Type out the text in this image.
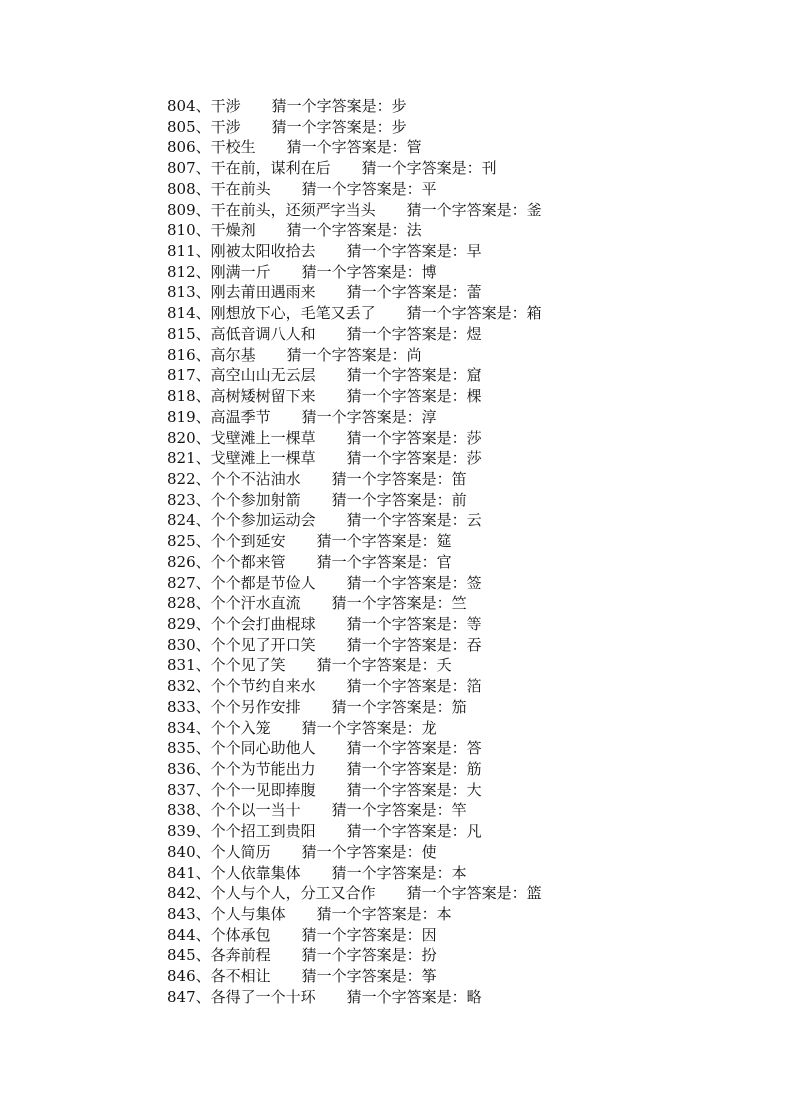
804、干涉 猜一个字答案是：步
805、干涉 猜一个字答案是：步
806、干校生 猜一个字答案是：管
807、干在前，谋利在后 猜一个字答案是：刊
808、干在前头 猜一个字答案是：平
809、干在前头，还须严字当头 猜一个字答案是：釜
810、干燥剂 猜一个字答案是：法
811、刚被太阳收拾去 猜一个字答案是：早
812、刚满一斤 猜一个字答案是：博
813、刚去莆田遇雨来 猜一个字答案是：蕾
814、刚想放下心，毛笔又丢了 猜一个字答案是：箱
815、高低音调八人和 猜一个字答案是：煜
816、高尔基 猜一个字答案是：尚
817、高空山山无云层 猜一个字答案是：窟
818、高树矮树留下来 猜一个字答案是：棵
819、高温季节 猜一个字答案是：淳
820、戈壁滩上一棵草 猜一个字答案是：莎
821、戈壁滩上一棵草 猜一个字答案是：莎
822、个个不沾油水 猜一个字答案是：笛
823、个个参加射箭 猜一个字答案是：前
824、个个参加运动会 猜一个字答案是：云
825、个个到延安 猜一个字答案是：筵
826、个个都来管 猜一个字答案是：官
827、个个都是节俭人 猜一个字答案是：签
828、个个汗水直流 猜一个字答案是：竺
829、个个会打曲棍球 猜一个字答案是：等
830、个个见了开口笑 猜一个字答案是：吞
831、个个见了笑 猜一个字答案是：夭
832、个个节约自来水 猜一个字答案是：箔
833、个个另作安排 猜一个字答案是：笳
834、个个入笼 猜一个字答案是：龙
835、个个同心助他人 猜一个字答案是：答
836、个个为节能出力 猜一个字答案是：筋
837、个个一见即捧腹 猜一个字答案是：大
838、个个以一当十 猜一个字答案是：竿
839、个个招工到贵阳 猜一个字答案是：凡
840、个人简历 猜一个字答案是：使
841、个人依靠集体 猜一个字答案是：本
842、个人与个人，分工又合作 猜一个字答案是：篮
843、个人与集体 猜一个字答案是：本
844、个体承包 猜一个字答案是：因
845、各奔前程 猜一个字答案是：扮
846、各不相让 猜一个字答案是：筝
847、各得了一个十环 猜一个字答案是：略
